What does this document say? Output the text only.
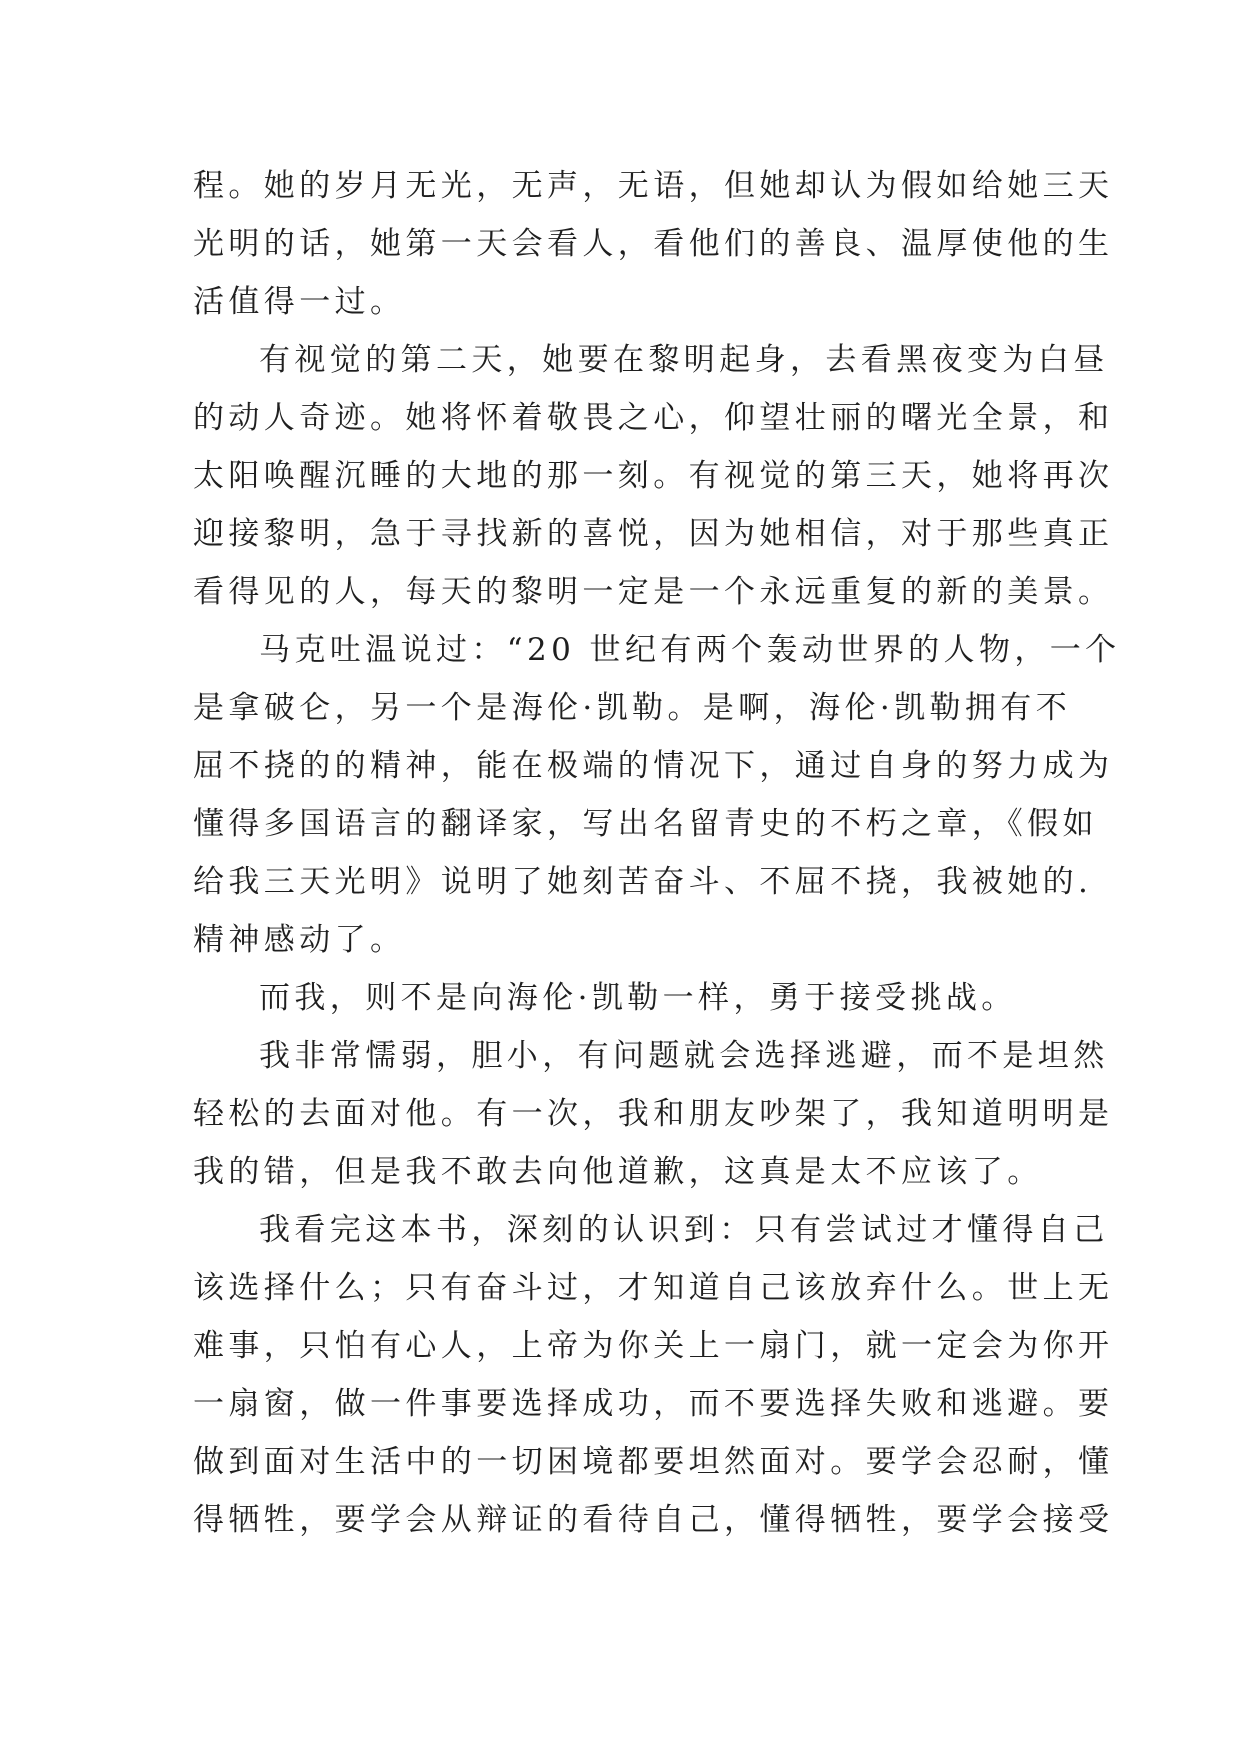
程。她的岁月无光，无声，无语，但她却认为假如给她三天
光明的话，她第一天会看人，看他们的善良、温厚使他的生
活值得一过。
有视觉的第二天，她要在黎明起身，去看黑夜变为白昼
的动人奇迹。她将怀着敬畏之心，仰望壮丽的曙光全景，和
太阳唤醒沉睡的大地的那一刻。有视觉的第三天，她将再次
迎接黎明，急于寻找新的喜悦，因为她相信，对于那些真正
看得见的人，每天的黎明一定是一个永远重复的新的美景。
马克吐温说过：“20 世纪有两个轰动世界的人物，一个
是拿破仑，另一个是海伦·凯勒。是啊，海伦·凯勒拥有不
屈不挠的的精神，能在极端的情况下，通过自身的努力成为
懂得多国语言的翻译家，写出名留青史的不朽之章，《假如
给我三天光明》说明了她刻苦奋斗、不屈不挠，我被她的.
精神感动了。
而我，则不是向海伦·凯勒一样，勇于接受挑战。
我非常懦弱，胆小，有问题就会选择逃避，而不是坦然
轻松的去面对他。有一次，我和朋友吵架了，我知道明明是
我的错，但是我不敢去向他道歉，这真是太不应该了。
我看完这本书，深刻的认识到：只有尝试过才懂得自己
该选择什么；只有奋斗过，才知道自己该放弃什么。世上无
难事，只怕有心人，上帝为你关上一扇门，就一定会为你开
一扇窗，做一件事要选择成功，而不要选择失败和逃避。要
做到面对生活中的一切困境都要坦然面对。要学会忍耐，懂
得牺牲，要学会从辩证的看待自己，懂得牺牲，要学会接受
